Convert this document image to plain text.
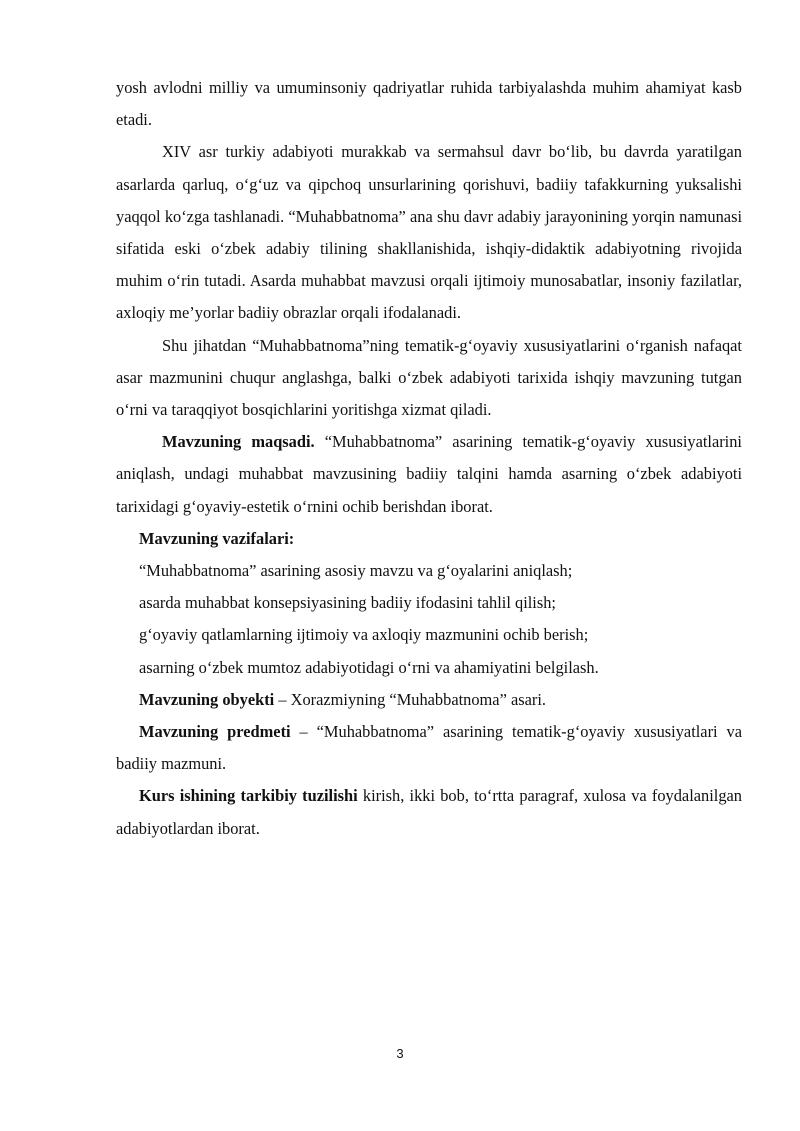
yosh avlodni milliy va umuminsoniy qadriyatlar ruhida tarbiyalashda muhim ahamiyat kasb etadi.

XIV asr turkiy adabiyoti murakkab va sermahsul davr bo‘lib, bu davrda yaratilgan asarlarda qarluq, o‘g‘uz va qipchoq unsurlarining qorishuvi, badiiy tafakkurning yuksalishi yaqqol ko‘zga tashlanadi. “Muhabbatnoma” ana shu davr adabiy jarayonining yorqin namunasi sifatida eski o‘zbek adabiy tilining shakllanishida, ishqiy-didaktik adabiyotning rivojida muhim o‘rin tutadi. Asarda muhabbat mavzusi orqali ijtimoiy munosabatlar, insoniy fazilatlar, axloqiy me’yorlar badiiy obrazlar orqali ifodalanadi.

Shu jihatdan “Muhabbatnoma”ning tematik-g‘oyaviy xususiyatlarini o‘rganish nafaqat asar mazmunini chuqur anglashga, balki o‘zbek adabiyoti tarixida ishqiy mavzuning tutgan o‘rni va taraqqiyot bosqichlarini yoritishga xizmat qiladi.

Mavzuning maqsadi. “Muhabbatnoma” asarining tematik-g‘oyaviy xususiyatlarini aniqlash, undagi muhabbat mavzusining badiiy talqini hamda asarning o‘zbek adabiyoti tarixidagi g‘oyaviy-estetik o‘rnini ochib berishdan iborat.

Mavzuning vazifalari:

“Muhabbatnoma” asarining asosiy mavzu va g‘oyalarini aniqlash;

asarda muhabbat konsepsiyasining badiiy ifodasini tahlil qilish;

g‘oyaviy qatlamlarning ijtimoiy va axloqiy mazmunini ochib berish;

asarning o‘zbek mumtoz adabiyotidagi o‘rni va ahamiyatini belgilash.

Mavzuning obyekti – Xorazmiyning “Muhabbatnoma” asari.

Mavzuning predmeti – “Muhabbatnoma” asarining tematik-g‘oyaviy xususiyatlari va badiiy mazmuni.

Kurs ishining tarkibiy tuzilishi kirish, ikki bob, to‘rtta paragraf, xulosa va foydalanilgan adabiyotlardan iborat.

3
